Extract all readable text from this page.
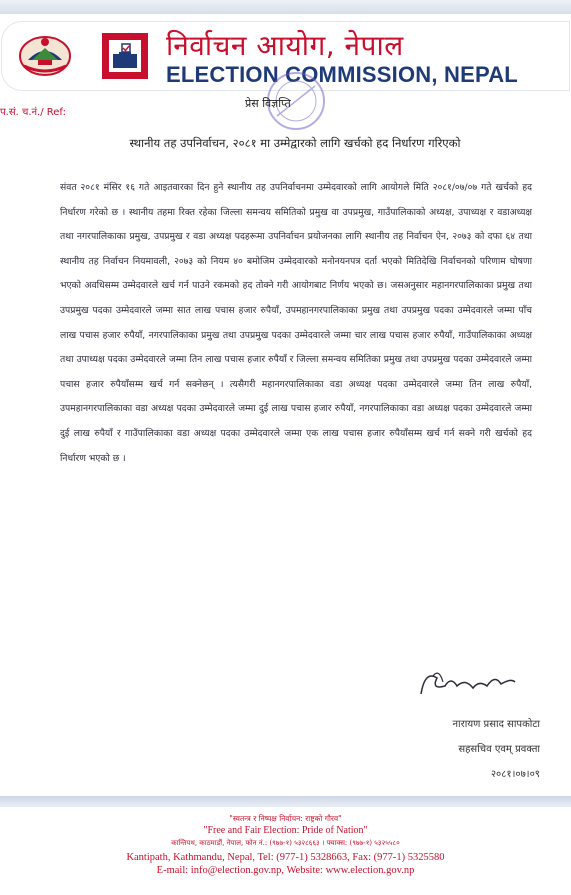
निर्वाचन आयोग, नेपाल
ELECTION COMMISSION, NEPAL
प.सं. च.नं./ Ref:
प्रेस विज्ञप्ति
स्थानीय तह उपनिर्वाचन, २०८१ मा उम्मेद्वारको लागि खर्चको हद निर्धारण गरिएको
संवत २०८१ मंसिर १६ गते आइतवारका दिन हुने स्थानीय तह उपनिर्वाचनमा उम्मेदवारको लागि आयोगले मिति २०८१/०७/०७ गते खर्चको हद निर्धारण गरेको छ । स्थानीय तहमा रिक्त रहेका जिल्ला समन्वय समितिको प्रमुख वा उपप्रमुख, गाउँपालिकाको अध्यक्ष, उपाध्यक्ष र वडाअध्यक्ष तथा नगरपालिकाका प्रमुख, उपप्रमुख र वडा अध्यक्ष पदहरूमा उपनिर्वाचन प्रयोजनका लागि स्थानीय तह निर्वाचन ऐन, २०७३ को दफा ६४ तथा स्थानीय तह निर्वाचन नियमावली, २०७३ को नियम ४० बमोजिम उम्मेदवारको मनोनयनपत्र दर्ता भएको मितिदेखि निर्वाचनको परिणाम घोषणा भएको अवधिसम्म उम्मेदवारले खर्च गर्न पाउने रकमको हद तोक्ने गरी आयोगबाट निर्णय भएको छ। जसअनुसार महानगरपालिकाका प्रमुख तथा उपप्रमुख पदका उम्मेदवारले जम्मा सात लाख पचास हजार रुपैयाँ, उपमहानगरपालिकाका प्रमुख तथा उपप्रमुख पदका उम्मेदवारले जम्मा पाँच लाख पचास हजार रुपैयाँ, नगरपालिकाका प्रमुख तथा उपप्रमुख पदका उम्मेदवारले जम्मा चार लाख पचास हजार रुपैयाँ, गाउँपालिकाका अध्यक्ष तथा उपाध्यक्ष पदका उम्मेदवारले जम्मा तिन लाख पचास हजार रुपैयाँ र जिल्ला समन्वय समितिका प्रमुख तथा उपप्रमुख पदका उम्मेदवारले जम्मा पचास हजार रुपैयाँसम्म खर्च गर्न सक्नेछन् । त्यसैगरी महानगरपालिकाका वडा अध्यक्ष पदका उम्मेदवारले जम्मा तिन लाख रुपैयाँ, उपमहानगरपालिकाका वडा अध्यक्ष पदका उम्मेदवारले जम्मा दुई लाख पचास हजार रुपैयाँ, नगरपालिकाका वडा अध्यक्ष पदका उम्मेदवारले जम्मा दुई लाख रुपैयाँ र गाउँपालिकाका वडा अध्यक्ष पदका उम्मेदवारले जम्मा एक लाख पचास हजार रुपैयाँसम्म खर्च गर्न सक्ने गरी खर्चको हद निर्धारण भएको छ ।
नारायण प्रसाद सापकोटा
सहसचिव एवम् प्रवक्ता
२०८१।०७।०९
"स्वतन्त्र र निष्पक्ष निर्वाचन: राष्ट्रको गौरव"
"Free and Fair Election: Pride of Nation"
कान्तिपथ, काठमाडौं, नेपाल, फोन नं.: (९७७-१) ५३२८६६३ । फ्याक्स: (९७७-१) ५३२५५८०
Kantipath, Kathmandu, Nepal, Tel: (977-1) 5328663, Fax: (977-1) 5325580
E-mail: info@election.gov.np, Website: www.election.gov.np
